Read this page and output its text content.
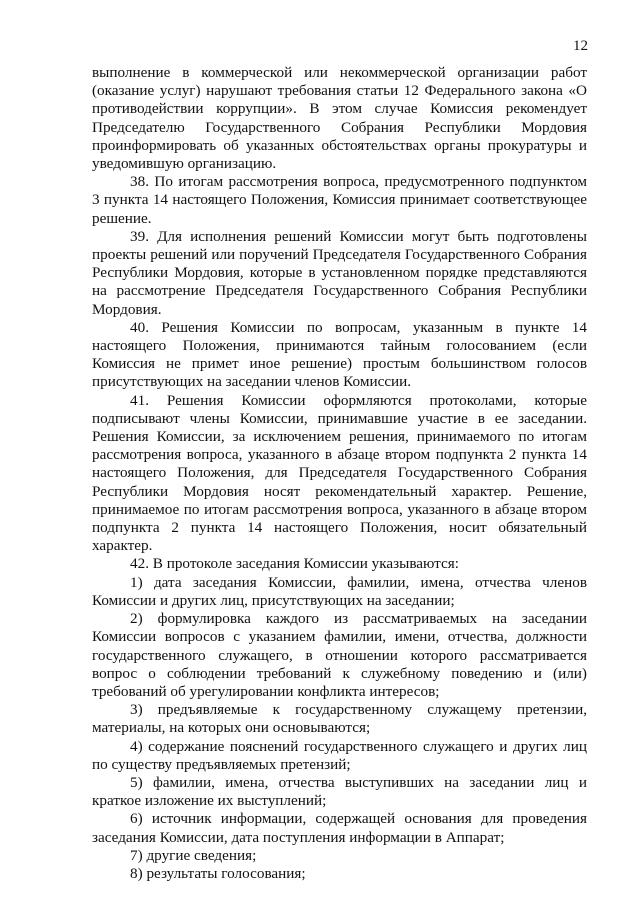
12

выполнение в коммерческой или некоммерческой организации работ (оказание услуг) нарушают требования статьи 12 Федерального закона «О противодействии коррупции». В этом случае Комиссия рекомендует Председателю Государственного Собрания Республики Мордовия проинформировать об указанных обстоятельствах органы прокуратуры и уведомившую организацию.

38. По итогам рассмотрения вопроса, предусмотренного подпунктом 3 пункта 14 настоящего Положения, Комиссия принимает соответствующее решение.

39. Для исполнения решений Комиссии могут быть подготовлены проекты решений или поручений Председателя Государственного Собрания Республики Мордовия, которые в установленном порядке представляются на рассмотрение Председателя Государственного Собрания Республики Мордовия.

40. Решения Комиссии по вопросам, указанным в пункте 14 настоящего Положения, принимаются тайным голосованием (если Комиссия не примет иное решение) простым большинством голосов присутствующих на заседании членов Комиссии.

41. Решения Комиссии оформляются протоколами, которые подписывают члены Комиссии, принимавшие участие в ее заседании. Решения Комиссии, за исключением решения, принимаемого по итогам рассмотрения вопроса, указанного в абзаце втором подпункта 2 пункта 14 настоящего Положения, для Председателя Государственного Собрания Республики Мордовия носят рекомендательный характер. Решение, принимаемое по итогам рассмотрения вопроса, указанного в абзаце втором подпункта 2 пункта 14 настоящего Положения, носит обязательный характер.

42. В протоколе заседания Комиссии указываются:

1) дата заседания Комиссии, фамилии, имена, отчества членов Комиссии и других лиц, присутствующих на заседании;

2) формулировка каждого из рассматриваемых на заседании Комиссии вопросов с указанием фамилии, имени, отчества, должности государственного служащего, в отношении которого рассматривается вопрос о соблюдении требований к служебному поведению и (или) требований об урегулировании конфликта интересов;

3) предъявляемые к государственному служащему претензии, материалы, на которых они основываются;

4) содержание пояснений государственного служащего и других лиц по существу предъявляемых претензий;

5) фамилии, имена, отчества выступивших на заседании лиц и краткое изложение их выступлений;

6) источник информации, содержащей основания для проведения заседания Комиссии, дата поступления информации в Аппарат;

7) другие сведения;

8) результаты голосования;
